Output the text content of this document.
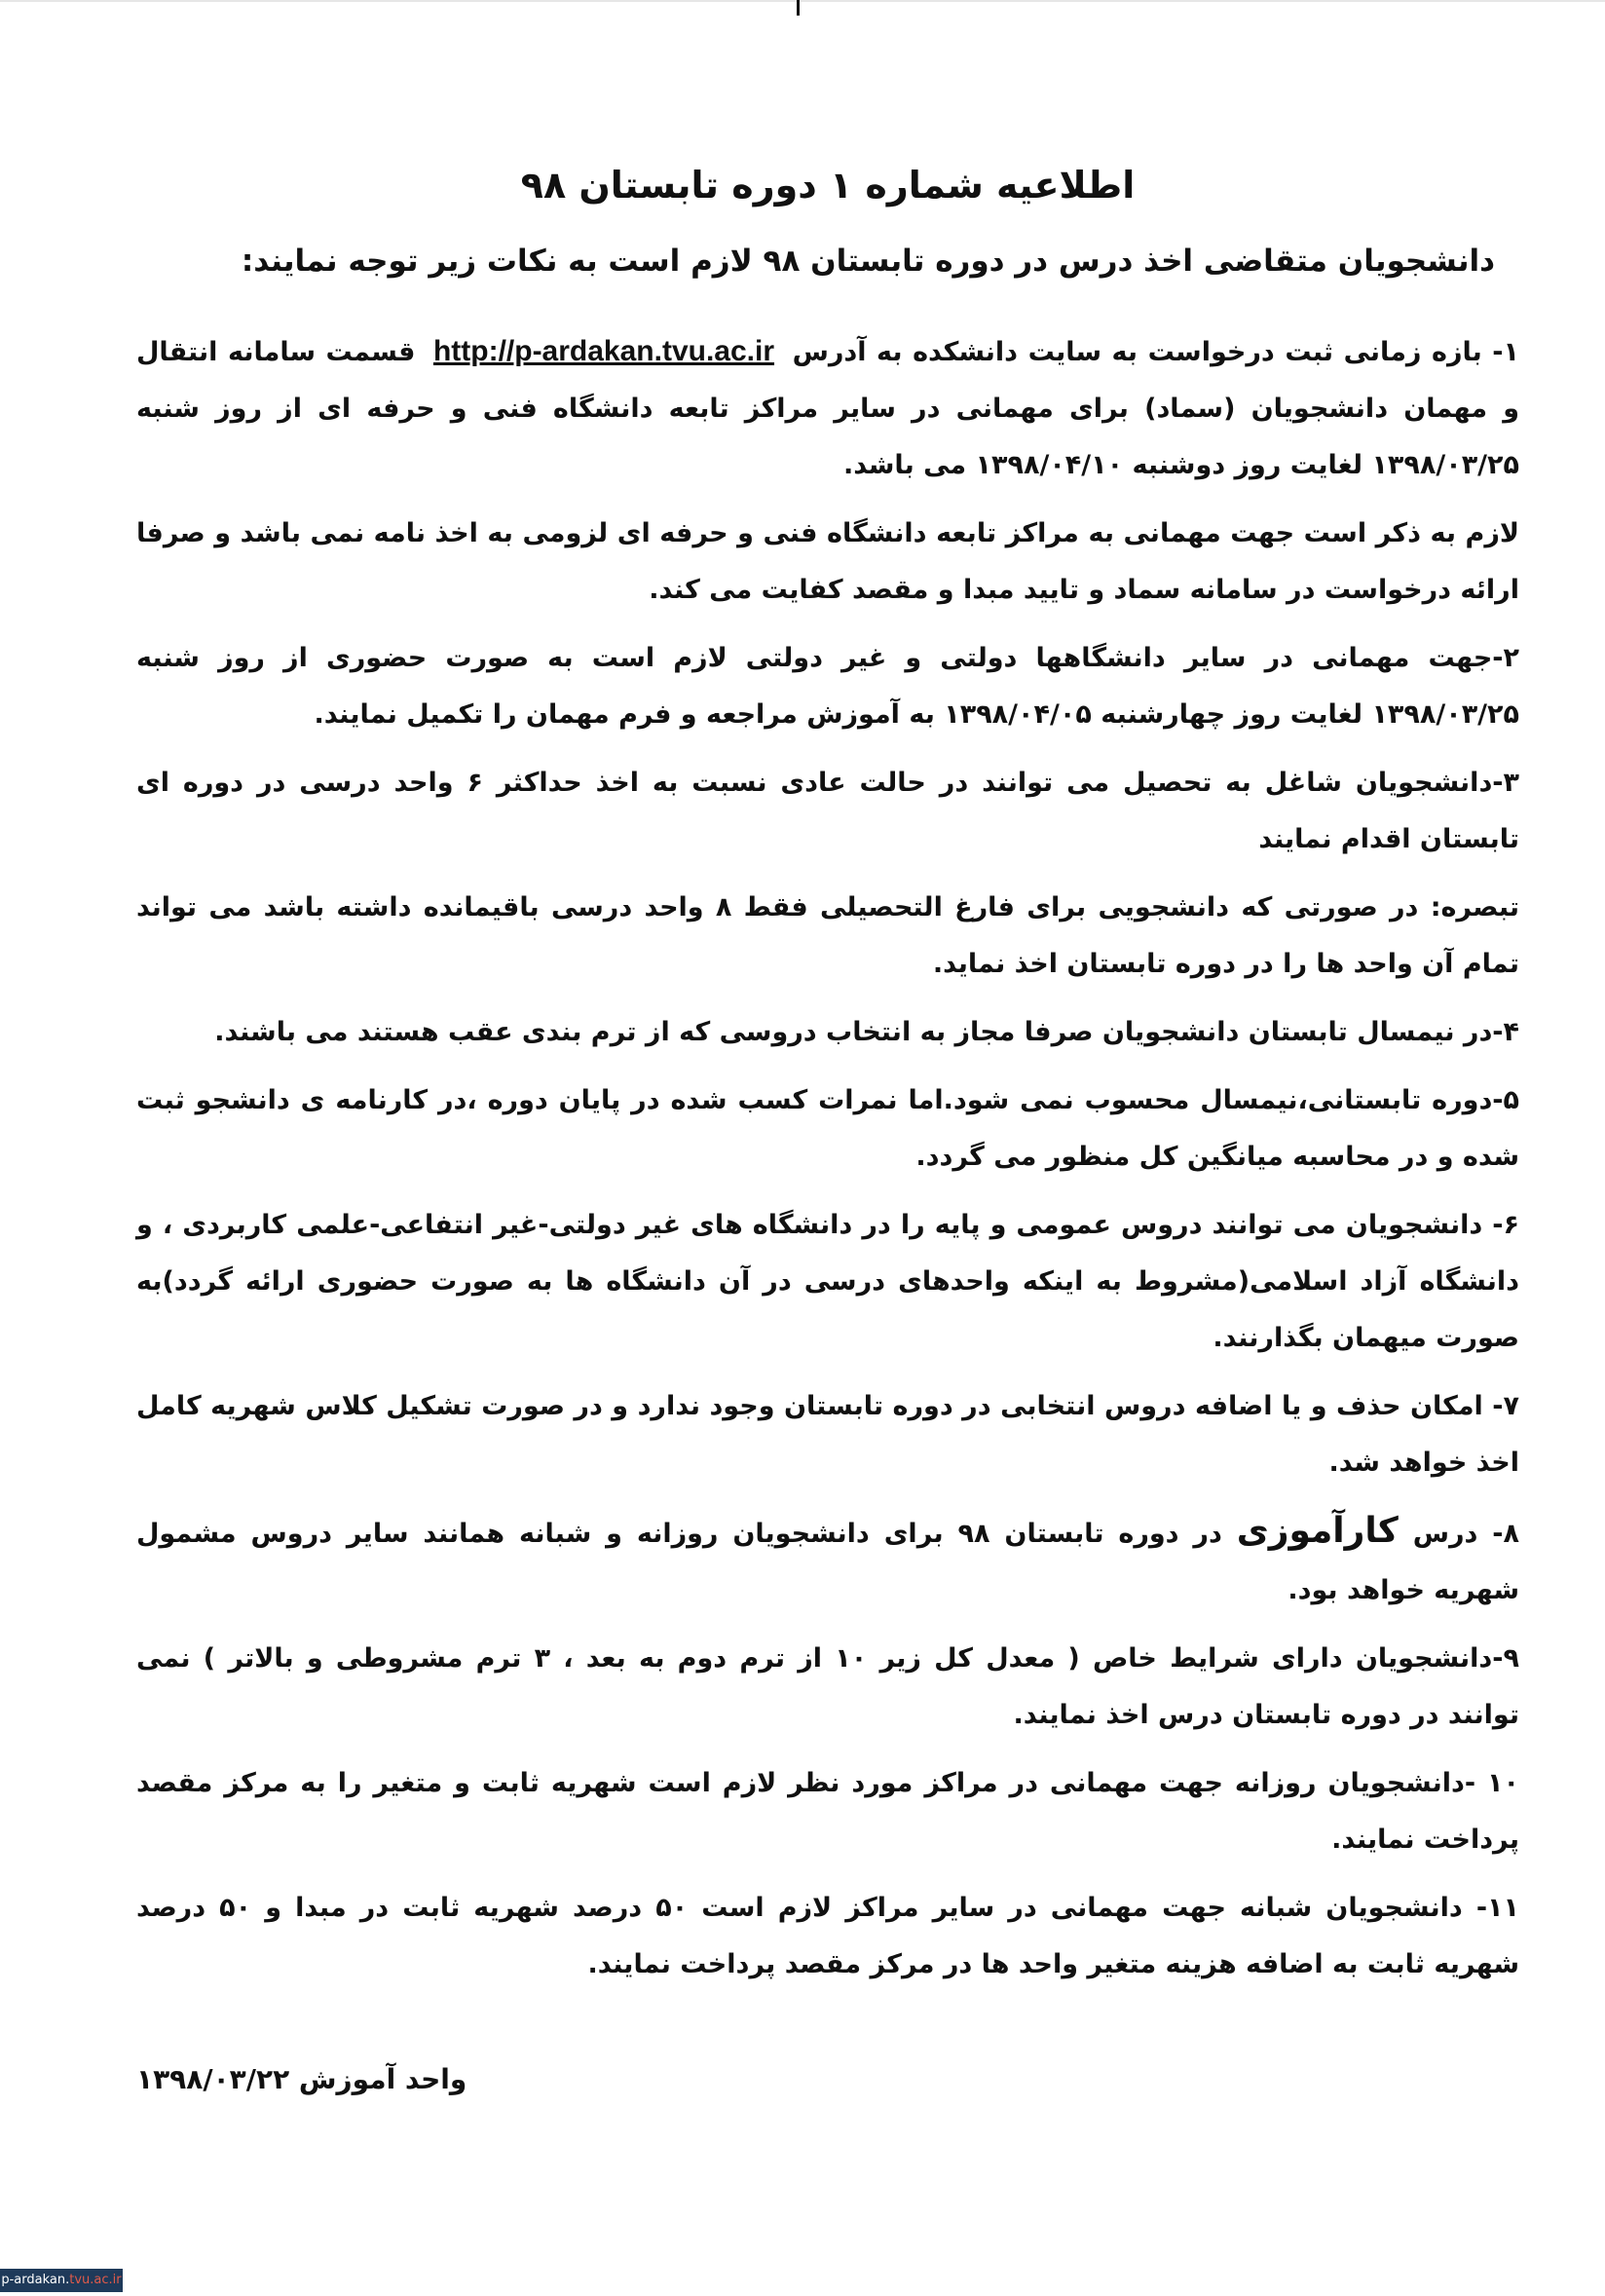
اطلاعیه شماره ۱ دوره تابستان ۹۸
دانشجویان متقاضی اخذ درس در دوره تابستان ۹۸ لازم است به نکات زیر توجه نمایند:
۱- بازه زمانی ثبت درخواست به سایت دانشکده به آدرس http://p-ardakan.tvu.ac.ir قسمت سامانه انتقال و مهمان دانشجویان (سماد) برای مهمانی در سایر مراکز تابعه دانشگاه فنی و حرفه ای از روز شنبه ۱۳۹۸/۰۳/۲۵ لغایت روز دوشنبه ۱۳۹۸/۰۴/۱۰ می باشد.
لازم به ذکر است جهت مهمانی به مراکز تابعه دانشگاه فنی و حرفه ای لزومی به اخذ نامه نمی باشد و صرفا ارائه درخواست در سامانه سماد و تایید مبدا و مقصد کفایت می کند.
۲-جهت مهمانی در سایر دانشگاهها دولتی و غیر دولتی لازم است به صورت حضوری از روز شنبه ۱۳۹۸/۰۳/۲۵ لغایت روز چهارشنبه ۱۳۹۸/۰۴/۰۵ به آموزش مراجعه و فرم مهمان را تکمیل نمایند.
۳-دانشجویان شاغل به تحصیل می توانند در حالت عادی نسبت به اخذ حداکثر ۶ واحد درسی در دوره ای تابستان اقدام نمایند
تبصره: در صورتی که دانشجویی برای فارغ التحصیلی فقط ۸ واحد درسی باقیمانده داشته باشد می تواند تمام آن واحد ها را در دوره تابستان اخذ نماید.
۴-در نیمسال تابستان دانشجویان صرفا مجاز به انتخاب دروسی که از ترم بندی عقب هستند می باشند.
۵-دوره تابستانی،نیمسال محسوب نمی شود.اما نمرات کسب شده در پایان دوره ،در کارنامه ی دانشجو ثبت شده و در محاسبه میانگین کل منظور می گردد.
۶- دانشجویان می توانند دروس عمومی و پایه را در دانشگاه های غیر دولتی-غیر انتفاعی-علمی کاربردی ، و دانشگاه آزاد اسلامی(مشروط به اینکه واحدهای درسی در آن دانشگاه ها به صورت حضوری ارائه گردد)به صورت میهمان بگذارنند.
۷- امکان حذف و یا اضافه دروس انتخابی در دوره تابستان وجود ندارد و در صورت تشکیل کلاس شهریه کامل اخذ خواهد شد.
۸- درس کارآموزی در دوره تابستان ۹۸ برای دانشجویان روزانه و شبانه همانند سایر دروس مشمول شهریه خواهد بود.
۹-دانشجویان دارای شرایط خاص ( معدل کل زیر ۱۰ از ترم دوم به بعد ، ۳ ترم مشروطی و بالاتر ) نمی توانند در دوره تابستان درس اخذ نمایند.
۱۰ -دانشجویان روزانه جهت مهمانی در مراکز مورد نظر لازم است شهریه ثابت و متغیر را به مرکز مقصد پرداخت نمایند.
۱۱- دانشجویان شبانه جهت مهمانی در سایر مراکز لازم است ۵۰ درصد شهریه ثابت در مبدا و ۵۰ درصد شهریه ثابت به اضافه هزینه متغیر واحد ها در مرکز مقصد پرداخت نمایند.
واحد آموزش ۱۳۹۸/۰۳/۲۲
p-ardakan.tvu.ac.ir
